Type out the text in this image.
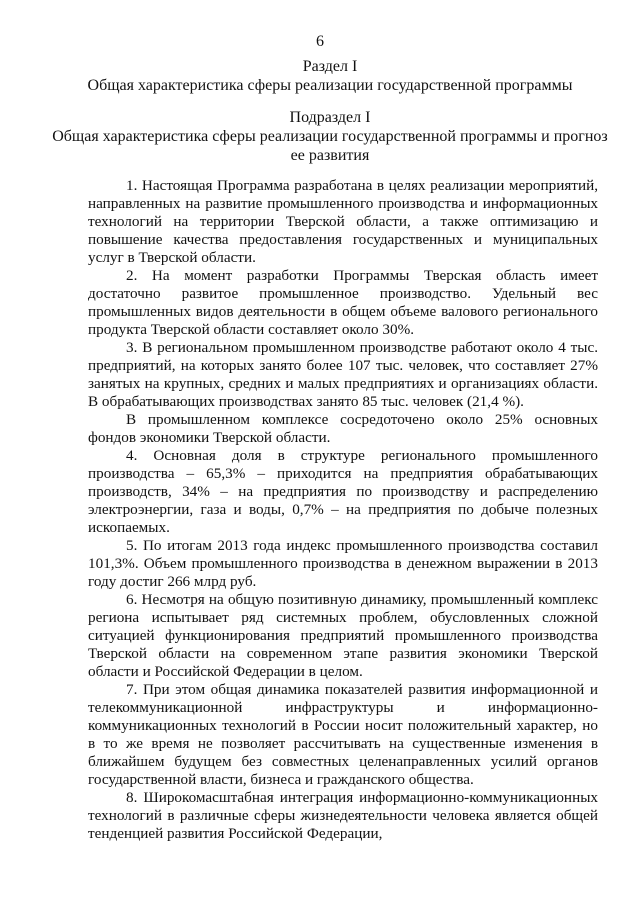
6
Раздел I
Общая характеристика сферы реализации государственной программы
Подраздел I
Общая характеристика сферы реализации государственной программы и прогноз ее развития

1. Настоящая Программа разработана в целях реализации мероприятий, направленных на развитие промышленного производства и информационных технологий на территории Тверской области, а также оптимизацию и повышение качества предоставления государственных и муниципальных услуг в Тверской области.

2. На момент разработки Программы Тверская область имеет достаточно развитое промышленное производство. Удельный вес промышленных видов деятельности в общем объеме валового регионального продукта Тверской области составляет около 30%.

3. В региональном промышленном производстве работают около 4 тыс. предприятий, на которых занято более 107 тыс. человек, что составляет 27% занятых на крупных, средних и малых предприятиях и организациях области. В обрабатывающих производствах занято 85 тыс. человек (21,4 %).

В промышленном комплексе сосредоточено около 25% основных фондов экономики Тверской области.

4. Основная доля в структуре регионального промышленного производства – 65,3% – приходится на предприятия обрабатывающих производств, 34% – на предприятия по производству и распределению электроэнергии, газа и воды, 0,7% – на предприятия по добыче полезных ископаемых.

5. По итогам 2013 года индекс промышленного производства составил 101,3%. Объем промышленного производства в денежном выражении в 2013 году достиг 266 млрд руб.

6. Несмотря на общую позитивную динамику, промышленный комплекс региона испытывает ряд системных проблем, обусловленных сложной ситуацией функционирования предприятий промышленного производства Тверской области на современном этапе развития экономики Тверской области и Российской Федерации в целом.

7. При этом общая динамика показателей развития информационной и телекоммуникационной инфраструктуры и информационно-коммуникационных технологий в России носит положительный характер, но в то же время не позволяет рассчитывать на существенные изменения в ближайшем будущем без совместных целенаправленных усилий органов государственной власти, бизнеса и гражданского общества.

8. Широкомасштабная интеграция информационно-коммуникационных технологий в различные сферы жизнедеятельности человека является общей тенденцией развития Российской Федерации,
